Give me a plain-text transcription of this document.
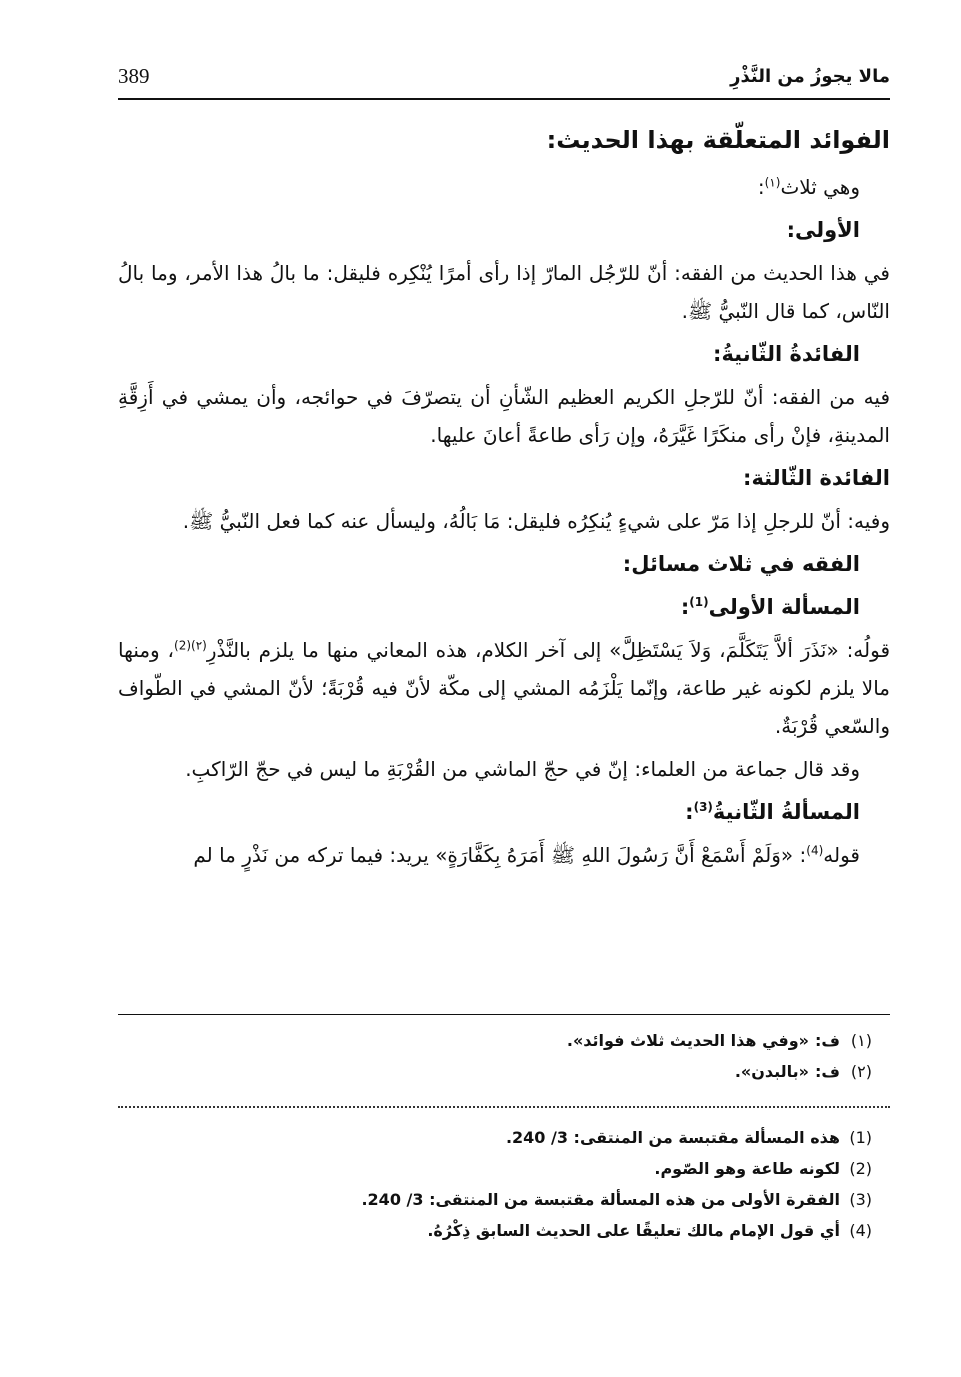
389	مالا يجوزُ من النَّذْرِ
الفوائد المتعلّقة بهذا الحديث:
وهي ثلاث$^{(١)}$:
الأولى:
في هذا الحديث من الفقه: أنّ للرّجُل المارّ إذا رأى أمرًا يُنْكِره فليقل: ما بالُ هذا الأمر، وما بالُ النّاس، كما قال النّبيُّ ﷺ.
الفائدةُ الثّانيةُ:
فيه من الفقه: أنّ للرّجلِ الكريم العظيم الشّأنِ أن يتصرّفَ في حوائجه، وأن يمشي في أَزِقَّةِ المدينةِ، فإنْ رأى منكَرًا غَيَّرَهُ، وإن رَأى طاعةً أعانَ عليها.
الفائدة الثّالثة:
وفيه: أنّ للرجلِ إذا مَرّ على شيءٍ يُنكِرُه فليقل: مَا بَالُهُ، وليسأل عنه كما فعل النّبيُّ ﷺ.
الفقه في ثلاث مسائل:
المسألة الأولى$^{(1)}$:
قولُه: «نَذَرَ ألاَّ يَتَكَلَّمَ، وَلاَ يَسْتَظِلَّ» إلى آخر الكلام، هذه المعاني منها ما يلزم بالنَّذْرِ$^{(٢)(2)}$، ومنها مالا يلزم لكونه غير طاعة، وإنّما يَلْزَمُه المشي إلى مكّة لأنّ فيه قُرْبَةً؛ لأنّ المشي في الطّواف والسّعي قُرْبَةٌ.
وقد قال جماعة من العلماء: إنّ في حجّ الماشي من القُرْبَةِ ما ليس في حجّ الرّاكبِ.
المسألةُ الثّانيةُ$^{(3)}$:
قوله$^{(4)}$: «وَلَمْ أَسْمَعْ أَنَّ رَسُولَ اللهِ ﷺ أَمَرَهُ بِكَفَّارَةٍ» يريد: فيما تركه من نَذْرٍ ما لم
(١)ف:«وفي هذا الحديث ثلاث فوائد».
(٢)ف:«بالبدن».
(1)هذه المسألة مقتبسة من المنتقى: 3/ 240.
(2)لكونه طاعة وهو الصّوم.
(3)الفقرة الأولى من هذه المسألة مقتبسة من المنتقى: 3/ 240.
(4)أي قول الإمام مالك تعليقًا على الحديث السابق ذِكْرُهُ.
